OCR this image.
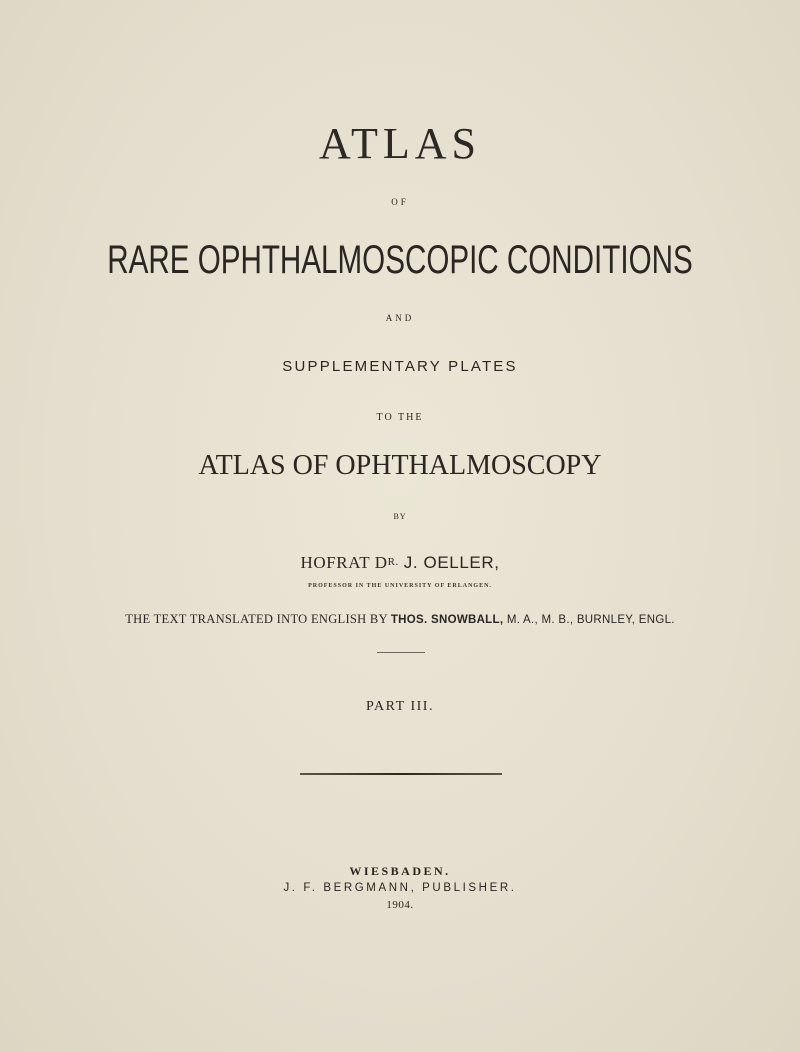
ATLAS
OF
RARE OPHTHALMOSCOPIC CONDITIONS
AND
SUPPLEMENTARY PLATES
TO THE
ATLAS OF OPHTHALMOSCOPY
BY
HOFRAT DR. J. OELLER,
PROFESSOR IN THE UNIVERSITY OF ERLANGEN.
THE TEXT TRANSLATED INTO ENGLISH BY THOS. SNOWBALL, M. A., M. B., BURNLEY, ENGL.
PART III.
WIESBADEN.
J. F. BERGMANN, PUBLISHER.
1904.
